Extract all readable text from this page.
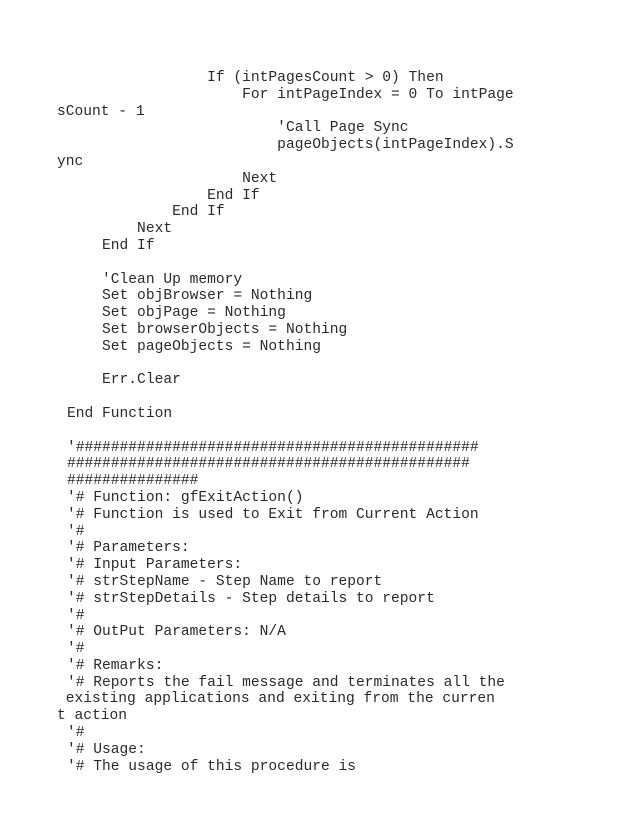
If (intPagesCount > 0) Then
For intPageIndex = 0 To intPage
sCount - 1
'Call Page Sync
pageObjects(intPageIndex).S
ync
Next
End If
End If
Next
End If
'Clean Up memory
Set objBrowser = Nothing
Set objPage = Nothing
Set browserObjects = Nothing
Set pageObjects = Nothing
Err.Clear
End Function
'##############################################
##############################################
###############
'# Function: gfExitAction()
'# Function is used to Exit from Current Action
'#
'# Parameters:
'# Input Parameters:
'# strStepName - Step Name to report
'# strStepDetails - Step details to report
'#
'# OutPut Parameters: N/A
'#
'# Remarks:
'# Reports the fail message and terminates all the
existing applications and exiting from the curren
t action
'#
'# Usage:
'# The usage of this procedure is
